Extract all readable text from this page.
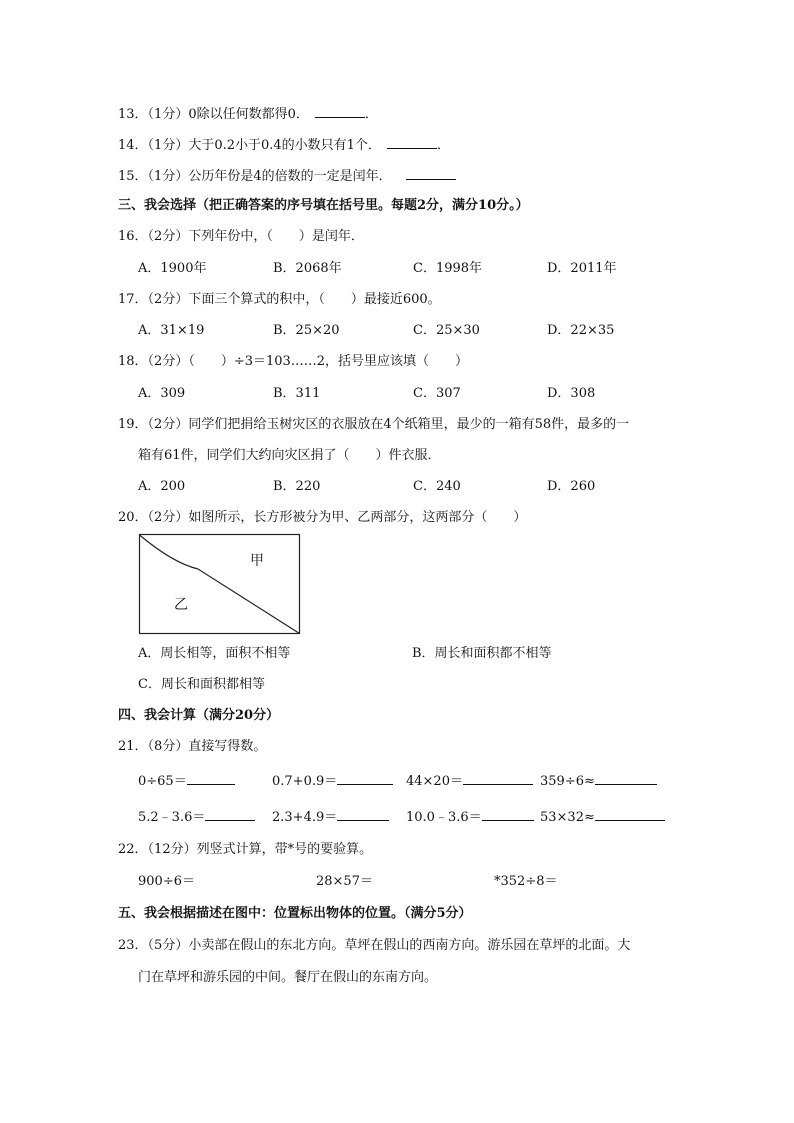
13．（1分）0除以任何数都得0．	．
14．（1分）大于0.2小于0.4的小数只有1个．	．
15．（1分）公历年份是4的倍数的一定是闰年．
三、我会选择（把正确答案的序号填在括号里。每题2分，满分10分。）
16．（2分）下列年份中，（　　）是闰年．
A．1900年	B．2068年	C．1998年	D．2011年
17．（2分）下面三个算式的积中，（　　）最接近600。
A．31×19	B．25×20	C．25×30	D．22×35
18．（2分）（　　）÷3＝103……2，括号里应该填（　　）
A．309	B．311	C．307	D．308
19．（2分）同学们把捐给玉树灾区的衣服放在4个纸箱里，最少的一箱有58件，最多的一
箱有61件，同学们大约向灾区捐了（　　）件衣服．
A．200	B．220	C．240	D．260
20．（2分）如图所示，长方形被分为甲、乙两部分，这两部分（　　）
甲
乙
A．周长相等，面积不相等	B．周长和面积都不相等
C．周长和面积都相等
四、我会计算（满分20分）
21．（8分）直接写得数。
0÷65＝	0.7+0.9＝	44×20＝	359÷6≈
5.2﹣3.6＝	2.3+4.9＝	10.0﹣3.6＝	53×32≈
22．（12分）列竖式计算，带*号的要验算。
900÷6＝	28×57＝	*352÷8＝
五、我会根据描述在图中：位置标出物体的位置。（满分5分）
23．（5分）小卖部在假山的东北方向。草坪在假山的西南方向。游乐园在草坪的北面。大
门在草坪和游乐园的中间。餐厅在假山的东南方向。
